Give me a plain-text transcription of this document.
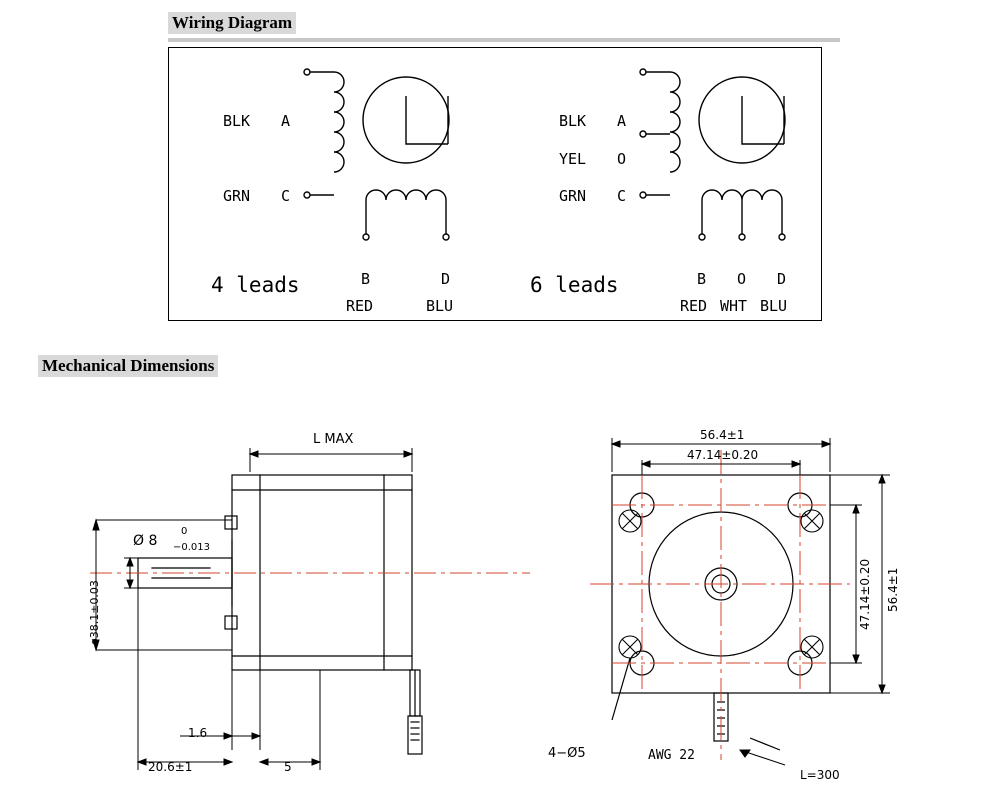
Wiring Diagram
BLK A
GRN C
4 leads	B	D
RED	BLU
BLK A
YEL O
GRN C
6 leads	B O D
RED WHT BLU
Mechanical Dimensions
L MAX
Ø 8
0
−0.013
ø38.1±0.03
1.6
20.6±1	5
56.4±1
47.14±0.20
56.4±1
47.14±0.20
4−Ø5	AWG 22
L=300
